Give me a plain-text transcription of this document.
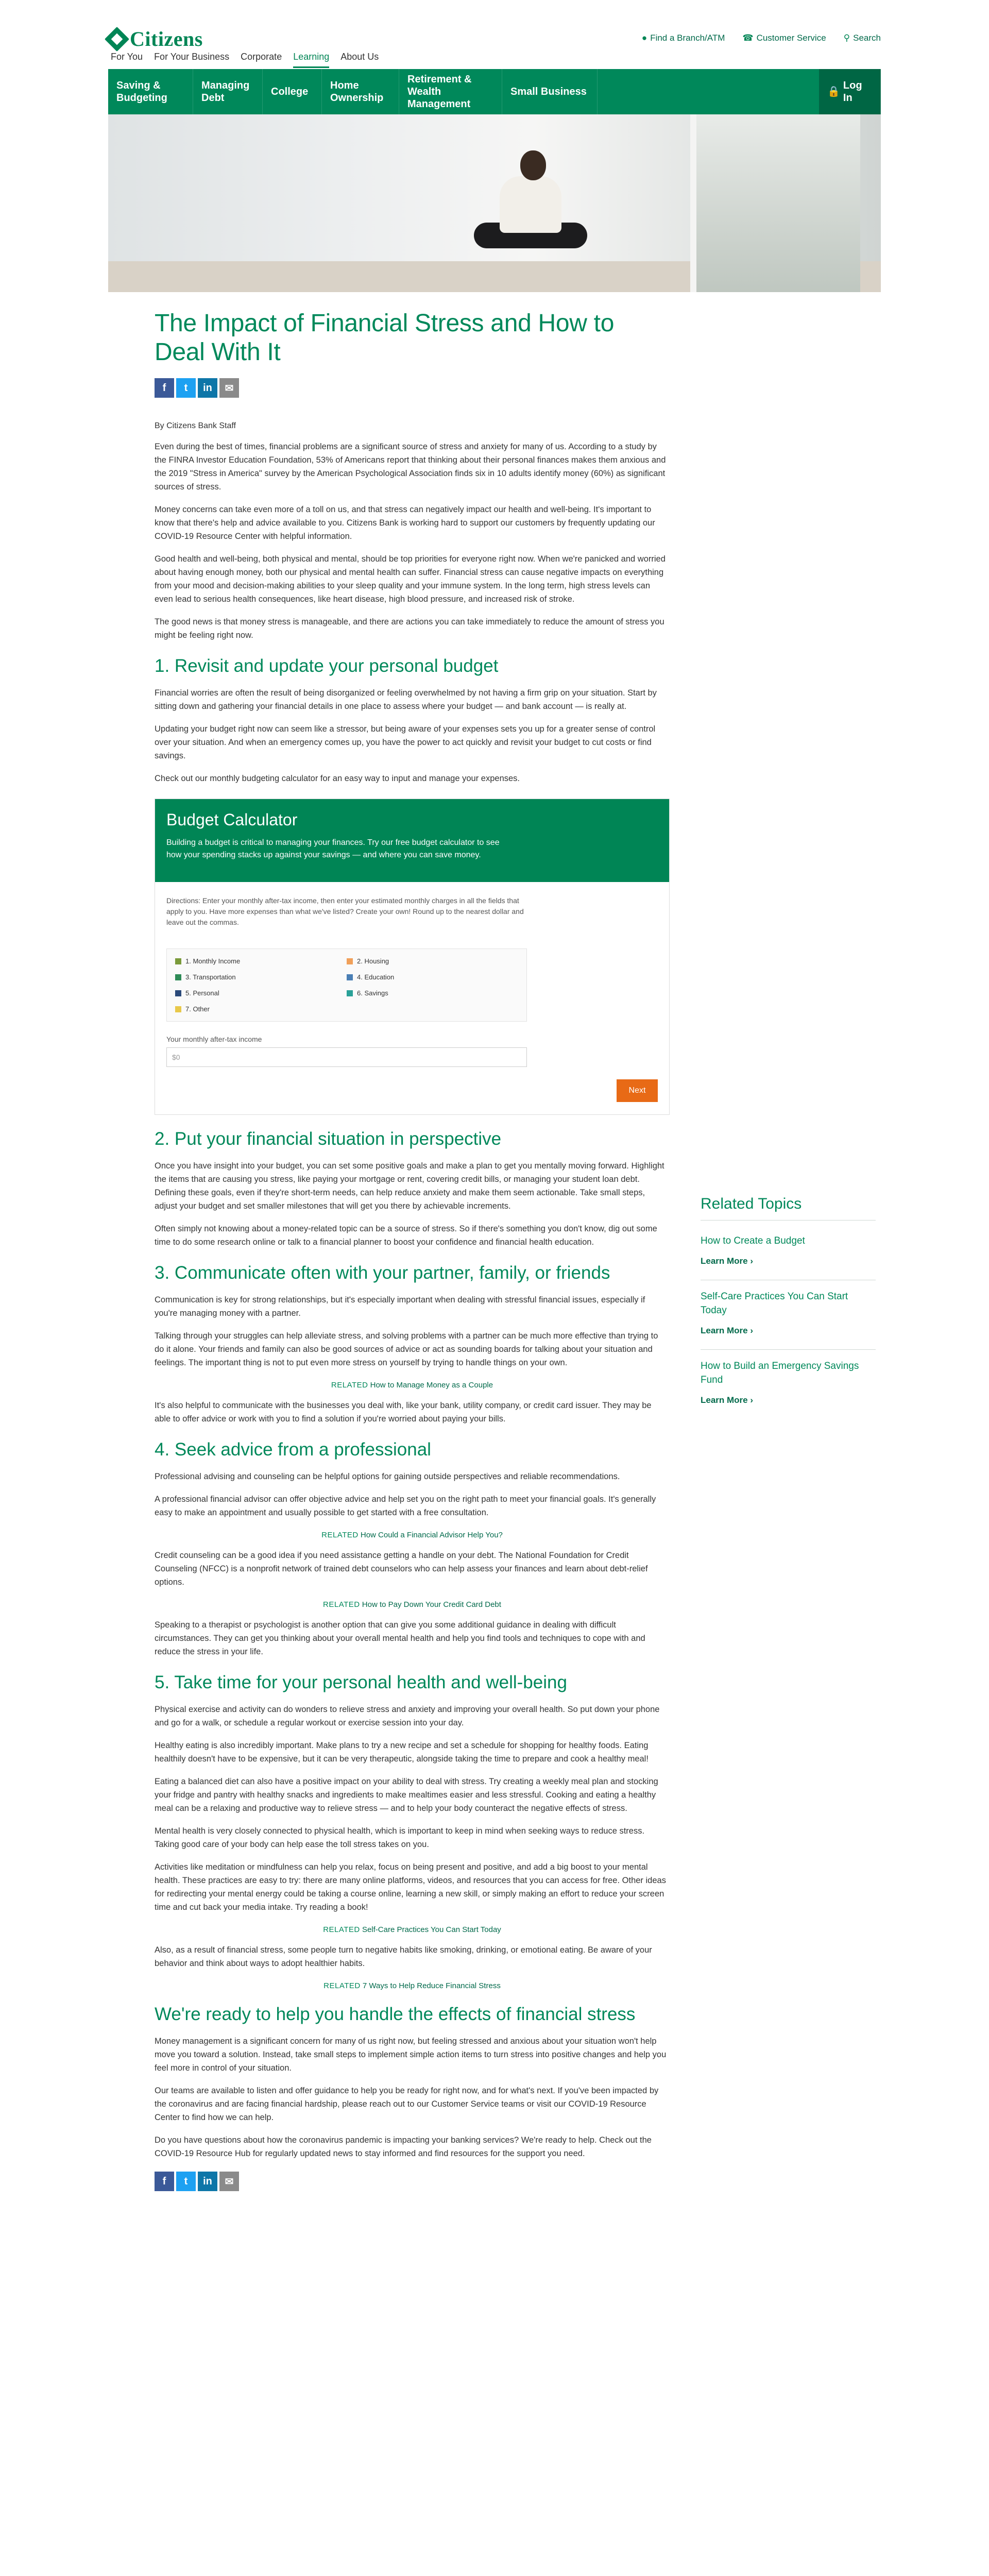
Citizens	● Find a Branch/ATM ☎ Customer Service ⚲ Search
For You For Your Business Corporate Learning About Us
Saving & Budgeting
Managing Debt
College
Home Ownership
Retirement & Wealth Management
Small Business	🔒
Log In
The Impact of Financial Stress and How to Deal With It
f	t	in	✉
By Citizens Bank Staff

Even during the best of times, financial problems are a significant source of stress and anxiety for many of us. According to a study by the FINRA Investor Education Foundation, 53% of Americans report that thinking about their personal finances makes them anxious and the 2019 "Stress in America" survey by the American Psychological Association finds six in 10 adults identify money (60%) as significant sources of stress.

Money concerns can take even more of a toll on us, and that stress can negatively impact our health and well-being. It's important to know that there's help and advice available to you. Citizens Bank is working hard to support our customers by frequently updating our COVID-19 Resource Center with helpful information.

Good health and well-being, both physical and mental, should be top priorities for everyone right now. When we're panicked and worried about having enough money, both our physical and mental health can suffer. Financial stress can cause negative impacts on everything from your mood and decision-making abilities to your sleep quality and your immune system. In the long term, high stress levels can even lead to serious health consequences, like heart disease, high blood pressure, and increased risk of stroke.

The good news is that money stress is manageable, and there are actions you can take immediately to reduce the amount of stress you might be feeling right now.

1. Revisit and update your personal budget

Financial worries are often the result of being disorganized or feeling overwhelmed by not having a firm grip on your situation. Start by sitting down and gathering your financial details in one place to assess where your budget — and bank account — is really at.

Updating your budget right now can seem like a stressor, but being aware of your expenses sets you up for a greater sense of control over your situation. And when an emergency comes up, you have the power to act quickly and revisit your budget to cut costs or find savings.

Check out our monthly budgeting calculator for an easy way to input and manage your expenses.

Budget Calculator
Building a budget is critical to managing your finances. Try our free budget calculator to see how your spending stacks up against your savings — and where you can save money.
Directions: Enter your monthly after-tax income, then enter your estimated monthly charges in all the fields that apply to you. Have more expenses than what we've listed? Create your own! Round up to the nearest dollar and leave out the commas.
1. Monthly Income	2. Housing
3. Transportation	4. Education
5. Personal	6. Savings
7. Other
Your monthly after-tax income
$0
Next
2. Put your financial situation in perspective

Once you have insight into your budget, you can set some positive goals and make a plan to get you mentally moving forward. Highlight the items that are causing you stress, like paying your mortgage or rent, covering credit bills, or managing your student loan debt. Defining these goals, even if they're short-term needs, can help reduce anxiety and make them seem actionable. Take small steps, adjust your budget and set smaller milestones that will get you there by achievable increments.

Often simply not knowing about a money-related topic can be a source of stress. So if there's something you don't know, dig out some time to do some research online or talk to a financial planner to boost your confidence and financial health education.

3. Communicate often with your partner, family, or friends

Communication is key for strong relationships, but it's especially important when dealing with stressful financial issues, especially if you're managing money with a partner.

Talking through your struggles can help alleviate stress, and solving problems with a partner can be much more effective than trying to do it alone. Your friends and family can also be good sources of advice or act as sounding boards for talking about your situation and feelings. The important thing is not to put even more stress on yourself by trying to handle things on your own.

RELATED How to Manage Money as a Couple

It's also helpful to communicate with the businesses you deal with, like your bank, utility company, or credit card issuer. They may be able to offer advice or work with you to find a solution if you're worried about paying your bills.

4. Seek advice from a professional

Professional advising and counseling can be helpful options for gaining outside perspectives and reliable recommendations.

A professional financial advisor can offer objective advice and help set you on the right path to meet your financial goals. It's generally easy to make an appointment and usually possible to get started with a free consultation.

RELATED How Could a Financial Advisor Help You?

Credit counseling can be a good idea if you need assistance getting a handle on your debt. The National Foundation for Credit Counseling (NFCC) is a nonprofit network of trained debt counselors who can help assess your finances and learn about debt-relief options.

RELATED How to Pay Down Your Credit Card Debt

Speaking to a therapist or psychologist is another option that can give you some additional guidance in dealing with difficult circumstances. They can get you thinking about your overall mental health and help you find tools and techniques to cope with and reduce the stress in your life.

5. Take time for your personal health and well-being

Physical exercise and activity can do wonders to relieve stress and anxiety and improving your overall health. So put down your phone and go for a walk, or schedule a regular workout or exercise session into your day.

Healthy eating is also incredibly important. Make plans to try a new recipe and set a schedule for shopping for healthy foods. Eating healthily doesn't have to be expensive, but it can be very therapeutic, alongside taking the time to prepare and cook a healthy meal!

Eating a balanced diet can also have a positive impact on your ability to deal with stress. Try creating a weekly meal plan and stocking your fridge and pantry with healthy snacks and ingredients to make mealtimes easier and less stressful. Cooking and eating a healthy meal can be a relaxing and productive way to relieve stress — and to help your body counteract the negative effects of stress.

Mental health is very closely connected to physical health, which is important to keep in mind when seeking ways to reduce stress. Taking good care of your body can help ease the toll stress takes on you.

Activities like meditation or mindfulness can help you relax, focus on being present and positive, and add a big boost to your mental health. These practices are easy to try: there are many online platforms, videos, and resources that you can access for free. Other ideas for redirecting your mental energy could be taking a course online, learning a new skill, or simply making an effort to reduce your screen time and cut back your media intake. Try reading a book!

RELATED Self-Care Practices You Can Start Today

Also, as a result of financial stress, some people turn to negative habits like smoking, drinking, or emotional eating. Be aware of your behavior and think about ways to adopt healthier habits.

RELATED 7 Ways to Help Reduce Financial Stress
We're ready to help you handle the effects of financial stress

Money management is a significant concern for many of us right now, but feeling stressed and anxious about your situation won't help move you toward a solution. Instead, take small steps to implement simple action items to turn stress into positive changes and help you feel more in control of your situation.

Our teams are available to listen and offer guidance to help you be ready for right now, and for what's next. If you've been impacted by the coronavirus and are facing financial hardship, please reach out to our Customer Service teams or visit our COVID-19 Resource Center to find how we can help.

Do you have questions about how the coronavirus pandemic is impacting your banking services? We're ready to help. Check out the COVID-19 Resource Hub for regularly updated news to stay informed and find resources for the support you need.

f	t	in	✉
Related Topics
How to Create a Budget
Learn More ›
Self-Care Practices You Can Start Today
Learn More ›
How to Build an Emergency Savings Fund
Learn More ›
